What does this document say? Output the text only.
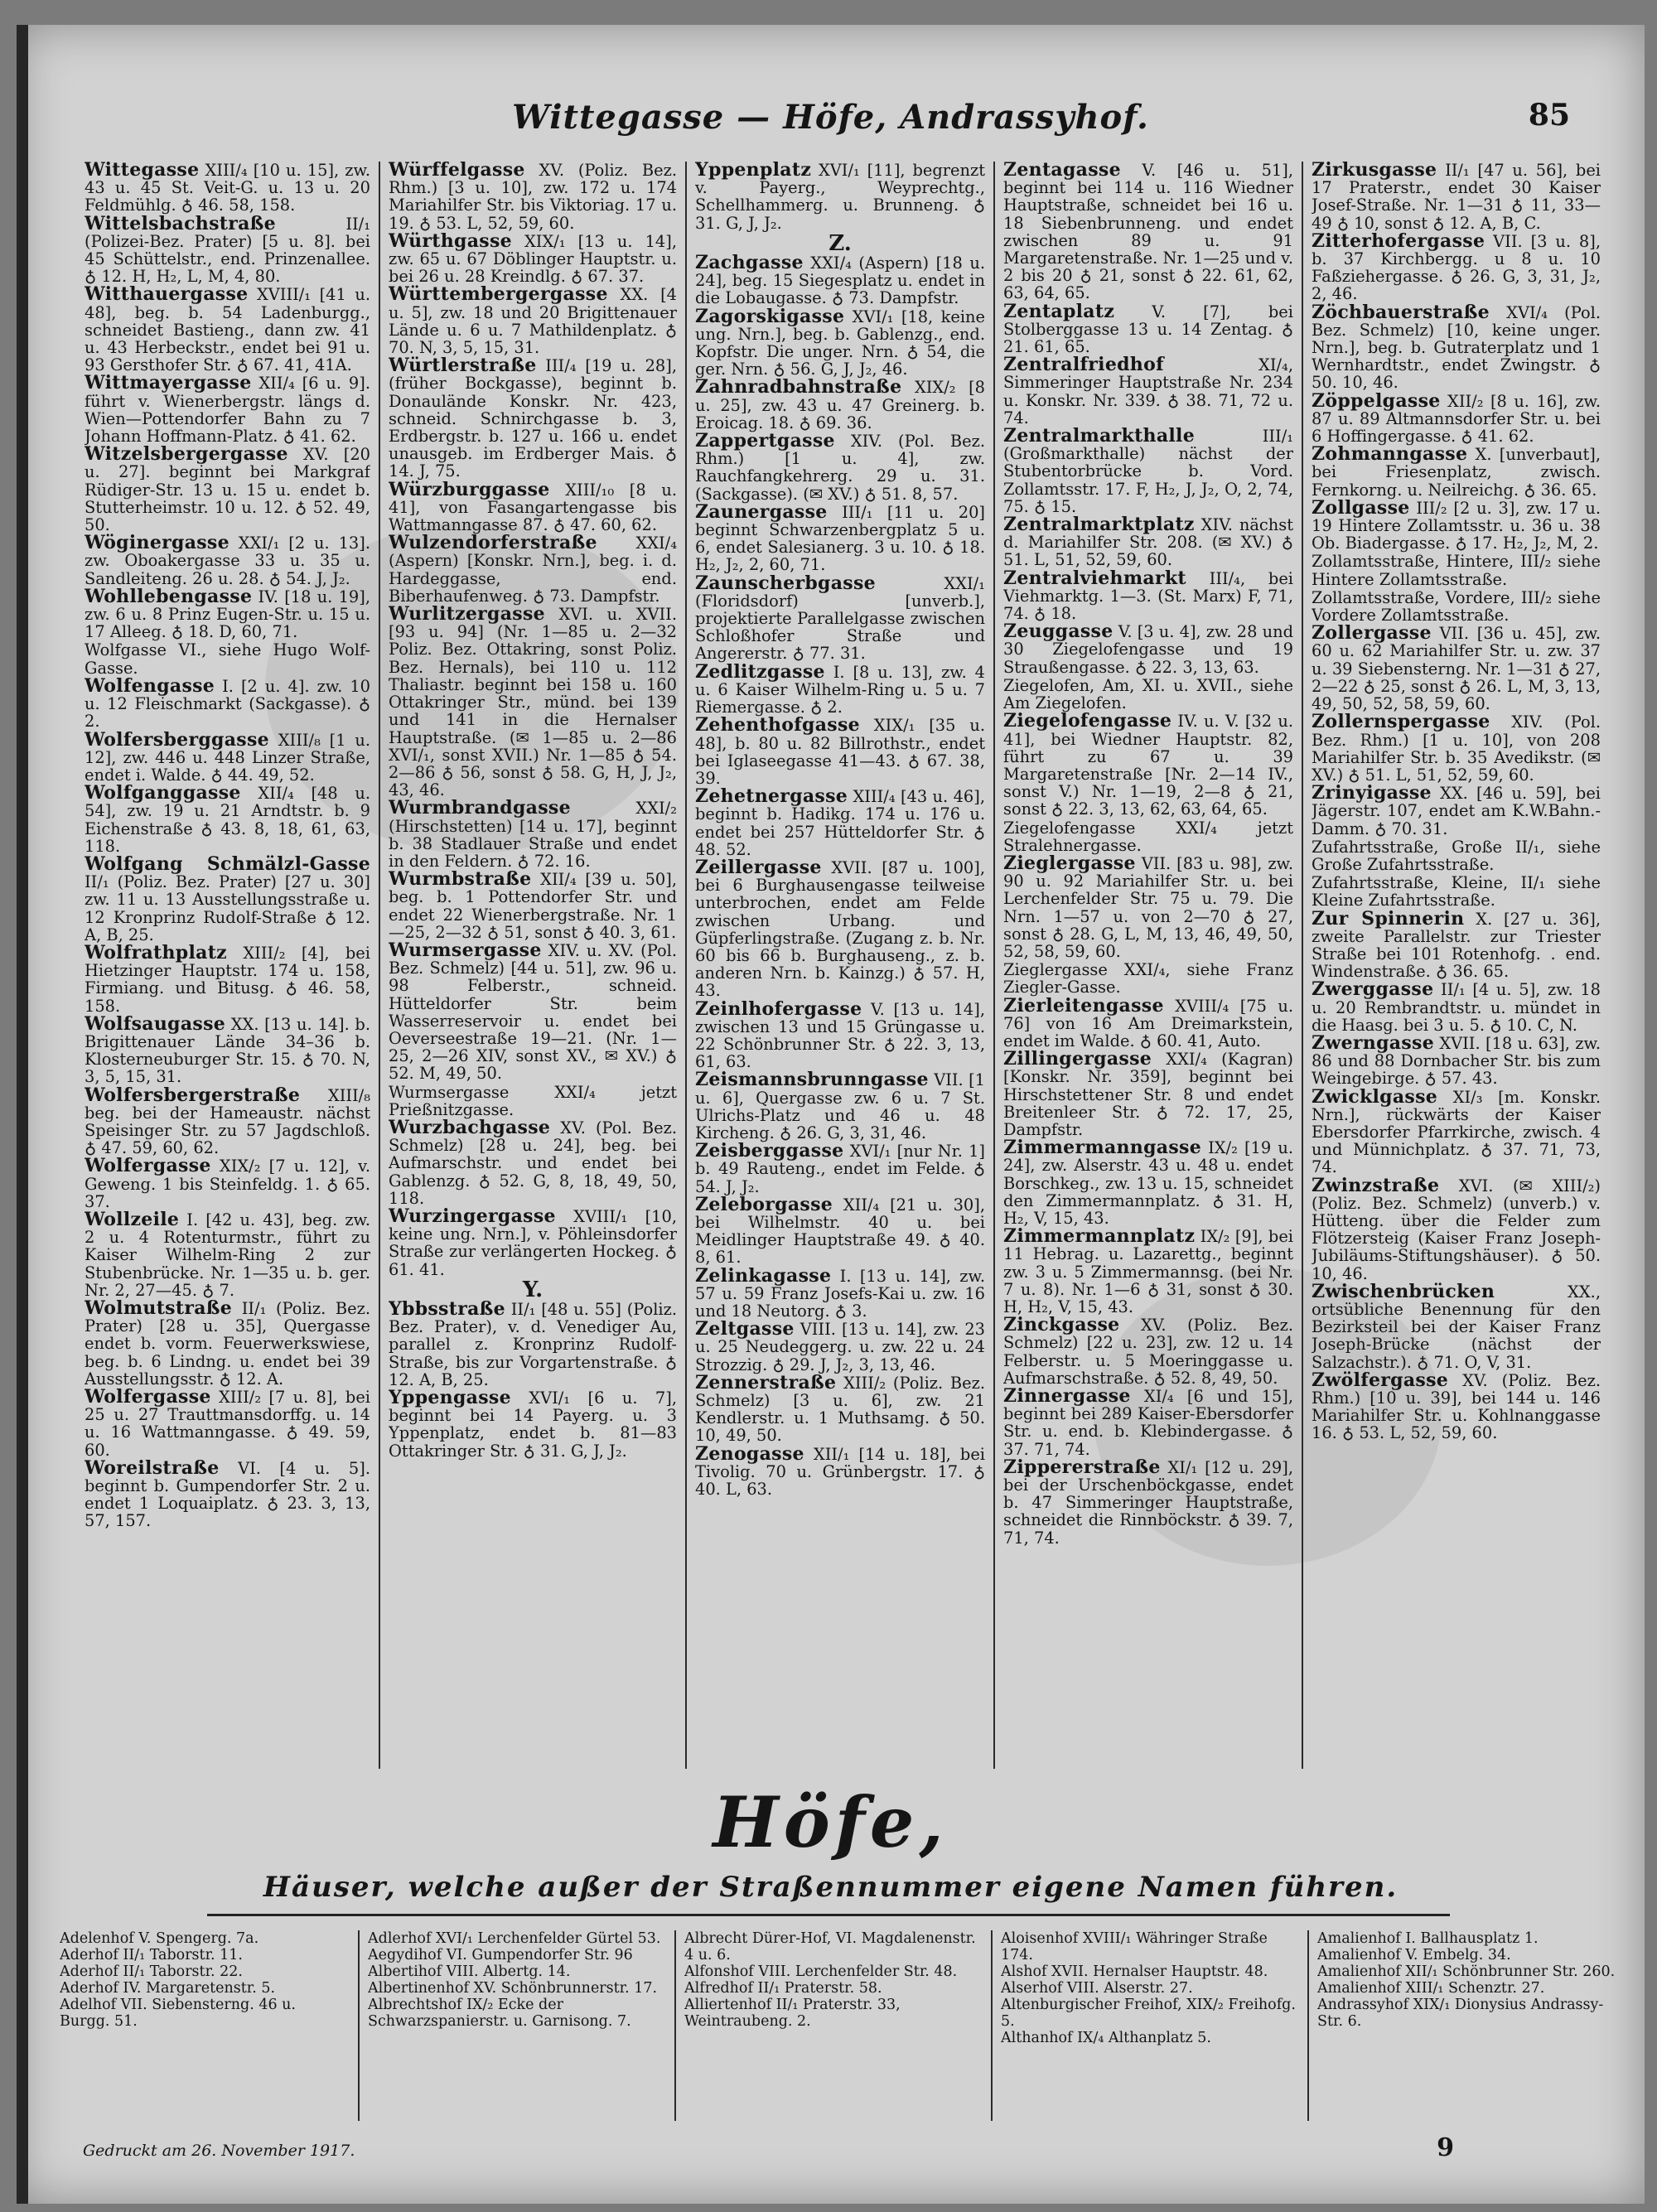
Wittegasse — Höfe, Andrassyhof.	85
Wittegasse XIII/₄ [10 u. 15], zw. 43 u. 45 St. Veit-G. u. 13 u. 20 Feldmühlg. ♁ 46. 58, 158.
Wittelsbachstraße II/₁ (Polizei-Bez. Prater) [5 u. 8]. bei 45 Schüttelstr., end. Prinzenallee. ♁ 12. H, H₂, L, M, 4, 80.
Witthauergasse XVIII/₁ [41 u. 48], beg. b. 54 Ladenburgg., schneidet Bastieng., dann zw. 41 u. 43 Herbeckstr., endet bei 91 u. 93 Gersthofer Str. ♁ 67. 41, 41A.
Wittmayergasse XII/₄ [6 u. 9]. führt v. Wienerbergstr. längs d. Wien—Pottendorfer Bahn zu 7 Johann Hoffmann-Platz. ♁ 41. 62.
Witzelsbergergasse XV. [20 u. 27]. beginnt bei Markgraf Rüdiger-Str. 13 u. 15 u. endet b. Stutterheimstr. 10 u. 12. ♁ 52. 49, 50.
Wöginergasse XXI/₁ [2 u. 13]. zw. Oboakergasse 33 u. 35 u. Sandleiteng. 26 u. 28. ♁ 54. J, J₂.
Wohllebengasse IV. [18 u. 19], zw. 6 u. 8 Prinz Eugen-Str. u. 15 u. 17 Alleeg. ♁ 18. D, 60, 71.
Wolfgasse VI., siehe Hugo Wolf-Gasse.
Wolfengasse I. [2 u. 4]. zw. 10 u. 12 Fleischmarkt (Sackgasse). ♁ 2.
Wolfersberggasse XIII/₈ [1 u. 12], zw. 446 u. 448 Linzer Straße, endet i. Walde. ♁ 44. 49, 52.
Wolfganggasse XII/₄ [48 u. 54], zw. 19 u. 21 Arndtstr. b. 9 Eichenstraße ♁ 43. 8, 18, 61, 63, 118.
Wolfgang Schmälzl-Gasse II/₁ (Poliz. Bez. Prater) [27 u. 30] zw. 11 u. 13 Ausstellungsstraße u. 12 Kronprinz Rudolf-Straße ♁ 12. A, B, 25.
Wolfrathplatz XIII/₂ [4], bei Hietzinger Hauptstr. 174 u. 158, Firmiang. und Bitusg. ♁ 46. 58, 158.
Wolfsaugasse XX. [13 u. 14]. b. Brigittenauer Lände 34–36 b. Klosterneuburger Str. 15. ♁ 70. N, 3, 5, 15, 31.
Wolfersbergerstraße XIII/₈ beg. bei der Hameaustr. nächst Speisinger Str. zu 57 Jagdschloß. ♁ 47. 59, 60, 62.
Wolfergasse XIX/₂ [7 u. 12], v. Geweng. 1 bis Steinfeldg. 1. ♁ 65. 37.
Wollzeile I. [42 u. 43], beg. zw. 2 u. 4 Rotenturmstr., führt zu Kaiser Wilhelm-Ring 2 zur Stubenbrücke. Nr. 1—35 u. b. ger. Nr. 2, 27—45. ♁ 7.
Wolmutstraße II/₁ (Poliz. Bez. Prater) [28 u. 35], Quergasse endet b. vorm. Feuerwerkswiese, beg. b. 6 Lindng. u. endet bei 39 Ausstellungsstr. ♁ 12. A.
Wolfergasse XIII/₂ [7 u. 8], bei 25 u. 27 Trauttmansdorffg. u. 14 u. 16 Wattmanngasse. ♁ 49. 59, 60.
Woreilstraße VI. [4 u. 5]. beginnt b. Gumpendorfer Str. 2 u. endet 1 Loquaiplatz. ♁ 23. 3, 13, 57, 157.
Würffelgasse XV. (Poliz. Bez. Rhm.) [3 u. 10], zw. 172 u. 174 Mariahilfer Str. bis Viktoriag. 17 u. 19. ♁ 53. L, 52, 59, 60.
Würthgasse XIX/₁ [13 u. 14], zw. 65 u. 67 Döblinger Hauptstr. u. bei 26 u. 28 Kreindlg. ♁ 67. 37.
Württembergergasse XX. [4 u. 5], zw. 18 und 20 Brigittenauer Lände u. 6 u. 7 Mathildenplatz. ♁ 70. N, 3, 5, 15, 31.
Würtlerstraße III/₄ [19 u. 28], (früher Bockgasse), beginnt b. Donaulände Konskr. Nr. 423, schneid. Schnirchgasse b. 3, Erdbergstr. b. 127 u. 166 u. endet unausgeb. im Erdberger Mais. ♁ 14. J, 75.
Würzburggasse XIII/₁₀ [8 u. 41], von Fasangartengasse bis Wattmanngasse 87. ♁ 47. 60, 62.
Wulzendorferstraße XXI/₄ (Aspern) [Konskr. Nrn.], beg. i. d. Hardeggasse, end. Biberhaufenweg. ♁ 73. Dampfstr.
Wurlitzergasse XVI. u. XVII. [93 u. 94] (Nr. 1—85 u. 2—32 Poliz. Bez. Ottakring, sonst Poliz. Bez. Hernals), bei 110 u. 112 Thaliastr. beginnt bei 158 u. 160 Ottakringer Str., münd. bei 139 und 141 in die Hernalser Hauptstraße. (✉ 1—85 u. 2—86 XVI/₁, sonst XVII.) Nr. 1—85 ♁ 54. 2—86 ♁ 56, sonst ♁ 58. G, H, J, J₂, 43, 46.
Wurmbrandgasse XXI/₂ (Hirschstetten) [14 u. 17], beginnt b. 38 Stadlauer Straße und endet in den Feldern. ♁ 72. 16.
Wurmbstraße XII/₄ [39 u. 50], beg. b. 1 Pottendorfer Str. und endet 22 Wienerbergstraße. Nr. 1—25, 2—32 ♁ 51, sonst ♁ 40. 3, 61.
Wurmsergasse XIV. u. XV. (Pol. Bez. Schmelz) [44 u. 51], zw. 96 u. 98 Felberstr., schneid. Hütteldorfer Str. beim Wasserreservoir u. endet bei Oeverseestraße 19—21. (Nr. 1—25, 2—26 XIV, sonst XV., ✉ XV.) ♁ 52. M, 49, 50.
Wurmsergasse XXI/₄ jetzt Prießnitzgasse.
Wurzbachgasse XV. (Pol. Bez. Schmelz) [28 u. 24], beg. bei Aufmarschstr. und endet bei Gablenzg. ♁ 52. G, 8, 18, 49, 50, 118.
Wurzingergasse XVIII/₁ [10, keine ung. Nrn.], v. Pöhleinsdorfer Straße zur verlängerten Hockeg. ♁ 61. 41.
Y.
Ybbsstraße II/₁ [48 u. 55] (Poliz. Bez. Prater), v. d. Venediger Au, parallel z. Kronprinz Rudolf-Straße, bis zur Vorgartenstraße. ♁ 12. A, B, 25.
Yppengasse XVI/₁ [6 u. 7], beginnt bei 14 Payerg. u. 3 Yppenplatz, endet b. 81—83 Ottakringer Str. ♁ 31. G, J, J₂.
Yppenplatz XVI/₁ [11], begrenzt v. Payerg., Weyprechtg., Schellhammerg. u. Brunneng. ♁ 31. G, J, J₂.
Z.
Zachgasse XXI/₄ (Aspern) [18 u. 24], beg. 15 Siegesplatz u. endet in die Lobaugasse. ♁ 73. Dampfstr.
Zagorskigasse XVI/₁ [18, keine ung. Nrn.], beg. b. Gablenzg., end. Kopfstr. Die unger. Nrn. ♁ 54, die ger. Nrn. ♁ 56. G, J, J₂, 46.
Zahnradbahnstraße XIX/₂ [8 u. 25], zw. 43 u. 47 Greinerg. b. Eroicag. 18. ♁ 69. 36.
Zappertgasse XIV. (Pol. Bez. Rhm.) [1 u. 4], zw. Rauchfangkehrerg. 29 u. 31. (Sackgasse). (✉ XV.) ♁ 51. 8, 57.
Zaunergasse III/₁ [11 u. 20] beginnt Schwarzenbergplatz 5 u. 6, endet Salesianerg. 3 u. 10. ♁ 18. H₂, J₂, 2, 60, 71.
Zaunscherbgasse XXI/₁ (Floridsdorf) [unverb.], projektierte Parallelgasse zwischen Schloßhofer Straße und Angererstr. ♁ 77. 31.
Zedlitzgasse I. [8 u. 13], zw. 4 u. 6 Kaiser Wilhelm-Ring u. 5 u. 7 Riemergasse. ♁ 2.
Zehenthofgasse XIX/₁ [35 u. 48], b. 80 u. 82 Billrothstr., endet bei Iglaseegasse 41—43. ♁ 67. 38, 39.
Zehetnergasse XIII/₄ [43 u. 46], beginnt b. Hadikg. 174 u. 176 u. endet bei 257 Hütteldorfer Str. ♁ 48. 52.
Zeillergasse XVII. [87 u. 100], bei 6 Burghausengasse teilweise unterbrochen, endet am Felde zwischen Urbang. und Güpferlingstraße. (Zugang z. b. Nr. 60 bis 66 b. Burghauseng., z. b. anderen Nrn. b. Kainzg.) ♁ 57. H, 43.
Zeinlhofergasse V. [13 u. 14], zwischen 13 und 15 Grüngasse u. 22 Schönbrunner Str. ♁ 22. 3, 13, 61, 63.
Zeismannsbrunngasse VII. [1 u. 6], Quergasse zw. 6 u. 7 St. Ulrichs-Platz und 46 u. 48 Kircheng. ♁ 26. G, 3, 31, 46.
Zeisberggasse XVI/₁ [nur Nr. 1] b. 49 Rauteng., endet im Felde. ♁ 54. J, J₂.
Zeleborgasse XII/₄ [21 u. 30], bei Wilhelmstr. 40 u. bei Meidlinger Hauptstraße 49. ♁ 40. 8, 61.
Zelinkagasse I. [13 u. 14], zw. 57 u. 59 Franz Josefs-Kai u. zw. 16 und 18 Neutorg. ♁ 3.
Zeltgasse VIII. [13 u. 14], zw. 23 u. 25 Neudeggerg. u. zw. 22 u. 24 Strozzig. ♁ 29. J, J₂, 3, 13, 46.
Zennerstraße XIII/₂ (Poliz. Bez. Schmelz) [3 u. 6], zw. 21 Kendlerstr. u. 1 Muthsamg. ♁ 50. 10, 49, 50.
Zenogasse XII/₁ [14 u. 18], bei Tivolig. 70 u. Grünbergstr. 17. ♁ 40. L, 63.
Zentagasse V. [46 u. 51], beginnt bei 114 u. 116 Wiedner Hauptstraße, schneidet bei 16 u. 18 Siebenbrunneng. und endet zwischen 89 u. 91 Margaretenstraße. Nr. 1—25 und v. 2 bis 20 ♁ 21, sonst ♁ 22. 61, 62, 63, 64, 65.
Zentaplatz V. [7], bei Stolberggasse 13 u. 14 Zentag. ♁ 21. 61, 65.
Zentralfriedhof XI/₄, Simmeringer Hauptstraße Nr. 234 u. Konskr. Nr. 339. ♁ 38. 71, 72 u. 74.
Zentralmarkthalle III/₁ (Großmarkthalle) nächst der Stubentorbrücke b. Vord. Zollamtsstr. 17. F, H₂, J, J₂, O, 2, 74, 75. ♁ 15.
Zentralmarktplatz XIV. nächst d. Mariahilfer Str. 208. (✉ XV.) ♁ 51. L, 51, 52, 59, 60.
Zentralviehmarkt III/₄, bei Viehmarktg. 1—3. (St. Marx) F, 71, 74. ♁ 18.
Zeuggasse V. [3 u. 4], zw. 28 und 30 Ziegelofengasse und 19 Straußengasse. ♁ 22. 3, 13, 63.
Ziegelofen, Am, XI. u. XVII., siehe Am Ziegelofen.
Ziegelofengasse IV. u. V. [32 u. 41], bei Wiedner Hauptstr. 82, führt zu 67 u. 39 Margaretenstraße [Nr. 2—14 IV., sonst V.) Nr. 1—19, 2—8 ♁ 21, sonst ♁ 22. 3, 13, 62, 63, 64, 65.
Ziegelofengasse XXI/₄ jetzt Stralehnergasse.
Zieglergasse VII. [83 u. 98], zw. 90 u. 92 Mariahilfer Str. u. bei Lerchenfelder Str. 75 u. 79. Die Nrn. 1—57 u. von 2—70 ♁ 27, sonst ♁ 28. G, L, M, 13, 46, 49, 50, 52, 58, 59, 60.
Zieglergasse XXI/₄, siehe Franz Ziegler-Gasse.
Zierleitengasse XVIII/₄ [75 u. 76] von 16 Am Dreimarkstein, endet im Walde. ♁ 60. 41, Auto.
Zillingergasse XXI/₄ (Kagran) [Konskr. Nr. 359], beginnt bei Hirschstettener Str. 8 und endet Breitenleer Str. ♁ 72. 17, 25, Dampfstr.
Zimmermanngasse IX/₂ [19 u. 24], zw. Alserstr. 43 u. 48 u. endet Borschkeg., zw. 13 u. 15, schneidet den Zimmermannplatz. ♁ 31. H, H₂, V, 15, 43.
Zimmermannplatz IX/₂ [9], bei 11 Hebrag. u. Lazarettg., beginnt zw. 3 u. 5 Zimmermannsg. (bei Nr. 7 u. 8). Nr. 1—6 ♁ 31, sonst ♁ 30. H, H₂, V, 15, 43.
Zinckgasse XV. (Poliz. Bez. Schmelz) [22 u. 23], zw. 12 u. 14 Felberstr. u. 5 Moeringgasse u. Aufmarschstraße. ♁ 52. 8, 49, 50.
Zinnergasse XI/₄ [6 und 15], beginnt bei 289 Kaiser-Ebersdorfer Str. u. end. b. Klebindergasse. ♁ 37. 71, 74.
Zippererstraße XI/₁ [12 u. 29], bei der Urschenböckgasse, endet b. 47 Simmeringer Hauptstraße, schneidet die Rinnböckstr. ♁ 39. 7, 71, 74.
Zirkusgasse II/₁ [47 u. 56], bei 17 Praterstr., endet 30 Kaiser Josef-Straße. Nr. 1—31 ♁ 11, 33—49 ♁ 10, sonst ♁ 12. A, B, C.
Zitterhofergasse VII. [3 u. 8], b. 37 Kirchbergg. u 8 u. 10 Faßziehergasse. ♁ 26. G, 3, 31, J₂, 2, 46.
Zöchbauerstraße XVI/₄ (Pol. Bez. Schmelz) [10, keine unger. Nrn.], beg. b. Gutraterplatz und 1 Wernhardtstr., endet Zwingstr. ♁ 50. 10, 46.
Zöppelgasse XII/₂ [8 u. 16], zw. 87 u. 89 Altmannsdorfer Str. u. bei 6 Hoffingergasse. ♁ 41. 62.
Zohmanngasse X. [unverbaut], bei Friesenplatz, zwisch. Fernkorng. u. Neilreichg. ♁ 36. 65.
Zollgasse III/₂ [2 u. 3], zw. 17 u. 19 Hintere Zollamtsstr. u. 36 u. 38 Ob. Biadergasse. ♁ 17. H₂, J₂, M, 2.
Zollamtsstraße, Hintere, III/₂ siehe Hintere Zollamtsstraße.
Zollamtsstraße, Vordere, III/₂ siehe Vordere Zollamtsstraße.
Zollergasse VII. [36 u. 45], zw. 60 u. 62 Mariahilfer Str. u. zw. 37 u. 39 Siebensterng. Nr. 1—31 ♁ 27, 2—22 ♁ 25, sonst ♁ 26. L, M, 3, 13, 49, 50, 52, 58, 59, 60.
Zollernspergasse XIV. (Pol. Bez. Rhm.) [1 u. 10], von 208 Mariahilfer Str. b. 35 Avedikstr. (✉ XV.) ♁ 51. L, 51, 52, 59, 60.
Zrinyigasse XX. [46 u. 59], bei Jägerstr. 107, endet am K.W.Bahn.-Damm. ♁ 70. 31.
Zufahrtsstraße, Große II/₁, siehe Große Zufahrtsstraße.
Zufahrtsstraße, Kleine, II/₁ siehe Kleine Zufahrtsstraße.
Zur Spinnerin X. [27 u. 36], zweite Parallelstr. zur Triester Straße bei 101 Rotenhofg. . end. Windenstraße. ♁ 36. 65.
Zwerggasse II/₁ [4 u. 5], zw. 18 u. 20 Rembrandtstr. u. mündet in die Haasg. bei 3 u. 5. ♁ 10. C, N.
Zwerngasse XVII. [18 u. 63], zw. 86 und 88 Dornbacher Str. bis zum Weingebirge. ♁ 57. 43.
Zwicklgasse XI/₃ [m. Konskr. Nrn.], rückwärts der Kaiser Ebersdorfer Pfarrkirche, zwisch. 4 und Münnichplatz. ♁ 37. 71, 73, 74.
Zwinzstraße XVI. (✉ XIII/₂) (Poliz. Bez. Schmelz) (unverb.) v. Hütteng. über die Felder zum Flötzersteig (Kaiser Franz Joseph-Jubiläums-Stiftungshäuser). ♁ 50. 10, 46.
Zwischenbrücken XX., ortsübliche Benennung für den Bezirksteil bei der Kaiser Franz Joseph-Brücke (nächst der Salzachstr.). ♁ 71. O, V, 31.
Zwölfergasse XV. (Poliz. Bez. Rhm.) [10 u. 39], bei 144 u. 146 Mariahilfer Str. u. Kohlnanggasse 16. ♁ 53. L, 52, 59, 60.
Höfe,
Häuser, welche außer der Straßennummer eigene Namen führen.
Adelenhof V. Spengerg. 7a.
Aderhof II/₁ Taborstr. 11.
Aderhof II/₁ Taborstr. 22.
Aderhof IV. Margaretenstr. 5.
Adelhof VII. Siebensterng. 46 u. Burgg. 51.
Adlerhof XVI/₁ Lerchenfelder Gürtel 53.
Aegydihof VI. Gumpendorfer Str. 96
Albertihof VIII. Albertg. 14.
Albertinenhof XV. Schönbrunnerstr. 17.
Albrechtshof IX/₂ Ecke der Schwarzspanierstr. u. Garnisong. 7.
Albrecht Dürer-Hof, VI. Magdalenenstr. 4 u. 6.
Alfonshof VIII. Lerchenfelder Str. 48.
Alfredhof II/₁ Praterstr. 58.
Alliertenhof II/₁ Praterstr. 33, Weintraubeng. 2.
Aloisenhof XVIII/₁ Währinger Straße 174.
Alshof XVII. Hernalser Hauptstr. 48.
Alserhof VIII. Alserstr. 27.
Altenburgischer Freihof, XIX/₂ Freihofg. 5.
Althanhof IX/₄ Althanplatz 5.
Amalienhof I. Ballhausplatz 1.
Amalienhof V. Embelg. 34.
Amalienhof XII/₁ Schönbrunner Str. 260.
Amalienhof XIII/₁ Schenztr. 27.
Andrassyhof XIX/₁ Dionysius Andrassy-Str. 6.
Gedruckt am 26. November 1917.	9
